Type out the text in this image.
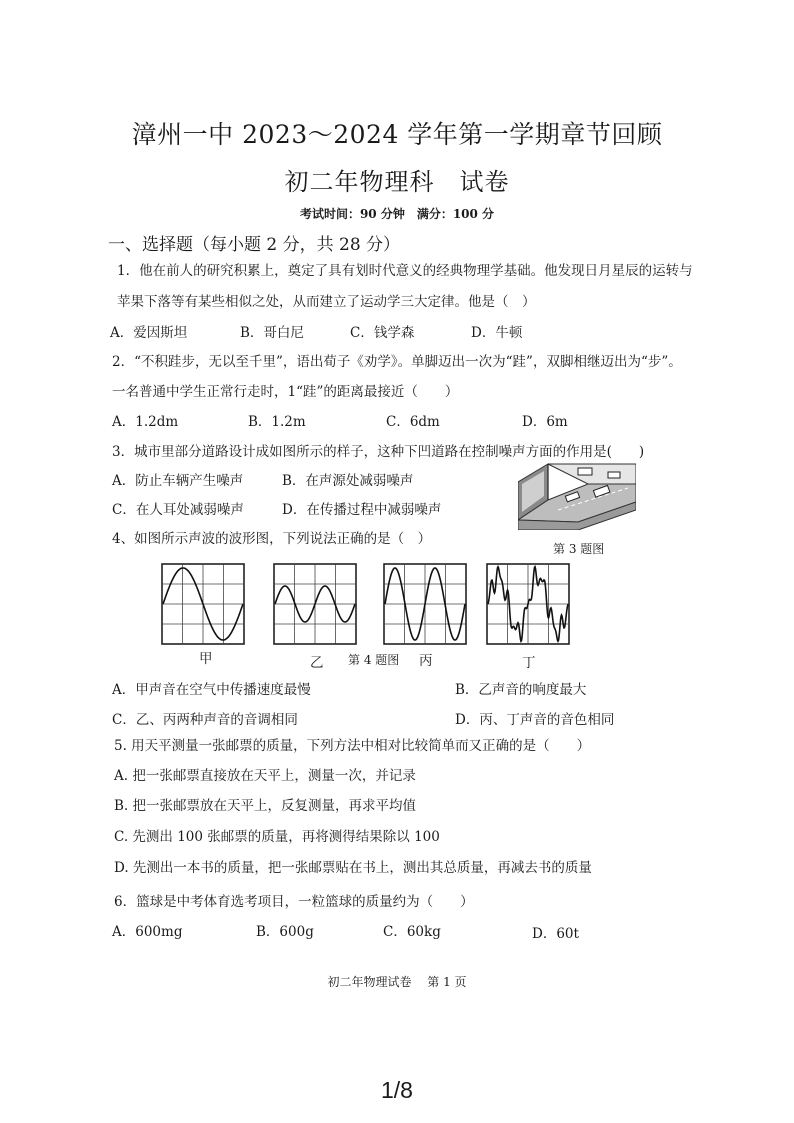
漳州一中 2023～2024 学年第一学期章节回顾
初二年物理科　试卷
考试时间：90 分钟　满分：100 分
一、选择题（每小题 2 分，共 28 分）
1．他在前人的研究积累上，奠定了具有划时代意义的经典物理学基础。他发现日月星辰的运转与
苹果下落等有某些相似之处，从而建立了运动学三大定律。他是（　）
A．爱因斯坦	B．哥白尼	C．钱学森	D．牛顿
2．“不积跬步，无以至千里”，语出荀子《劝学》。单脚迈出一次为“跬”，双脚相继迈出为“步”。
一名普通中学生正常行走时，1“跬”的距离最接近（　　）
A．1.2dm	B．1.2m	C．6dm	D．6m
3．城市里部分道路设计成如图所示的样子，这种下凹道路在控制噪声方面的作用是(　　)
A．防止车辆产生噪声	B．在声源处减弱噪声
C．在人耳处减弱噪声	D．在传播过程中减弱噪声
第 3 题图
4、如图所示声波的波形图，下列说法正确的是（　）
甲	乙 第 4 题图 丙	丁
A．甲声音在空气中传播速度最慢	B．乙声音的响度最大
C．乙、丙两种声音的音调相同	D．丙、丁声音的音色相同
5. 用天平测量一张邮票的质量，下列方法中相对比较简单而又正确的是（　　）
A. 把一张邮票直接放在天平上，测量一次，并记录
B. 把一张邮票放在天平上，反复测量，再求平均值
C. 先测出 100 张邮票的质量，再将测得结果除以 100
D. 先测出一本书的质量，把一张邮票贴在书上，测出其总质量，再减去书的质量
6．篮球是中考体育选考项目，一粒篮球的质量约为（　　）
A．600mg	B．600g	C．60kg	D．60t
初二年物理试卷　 第 1 页
1/8
